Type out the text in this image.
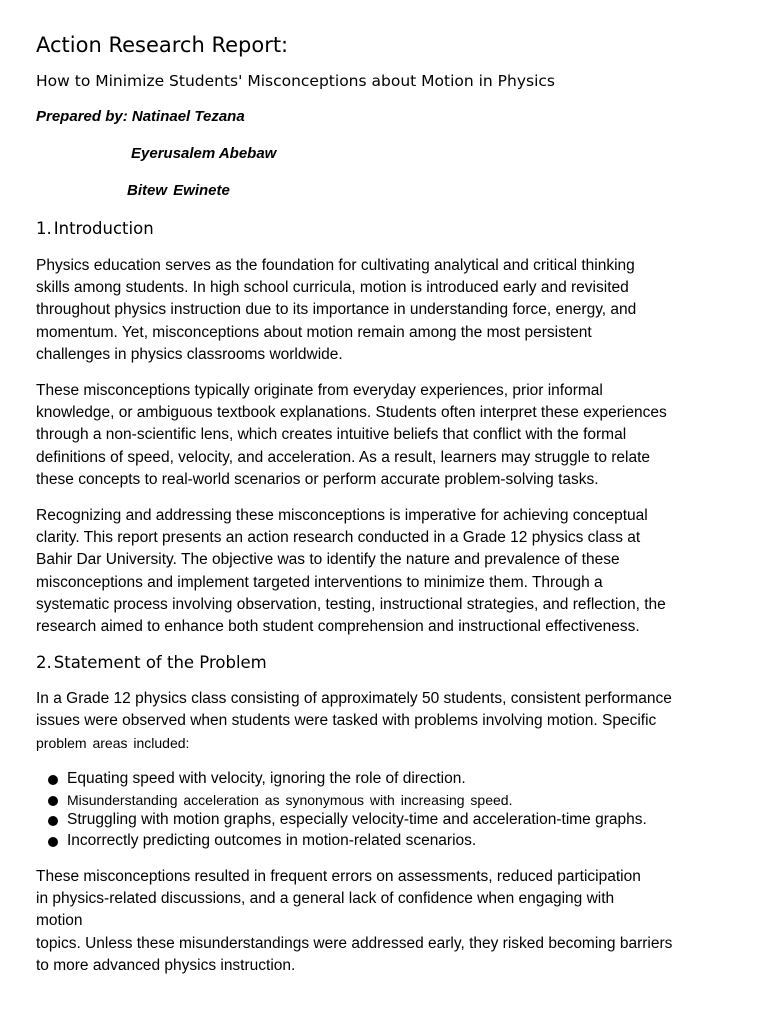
Action Research Report:
How to Minimize Students' Misconceptions about Motion in Physics

Prepared by: Natinael Tezana

Eyerusalem Abebaw

Bitew Ewinete

1. Introduction

Physics education serves as the foundation for cultivating analytical and critical thinking
skills among students. In high school curricula, motion is introduced early and revisited
throughout physics instruction due to its importance in understanding force, energy, and
momentum. Yet, misconceptions about motion remain among the most persistent
challenges in physics classrooms worldwide.

These misconceptions typically originate from everyday experiences, prior informal
knowledge, or ambiguous textbook explanations. Students often interpret these experiences
through a non-scientific lens, which creates intuitive beliefs that conflict with the formal
definitions of speed, velocity, and acceleration. As a result, learners may struggle to relate
these concepts to real-world scenarios or perform accurate problem-solving tasks.

Recognizing and addressing these misconceptions is imperative for achieving conceptual
clarity. This report presents an action research conducted in a Grade 12 physics class at
Bahir Dar University. The objective was to identify the nature and prevalence of these
misconceptions and implement targeted interventions to minimize them. Through a
systematic process involving observation, testing, instructional strategies, and reflection, the
research aimed to enhance both student comprehension and instructional effectiveness.

2. Statement of the Problem

In a Grade 12 physics class consisting of approximately 50 students, consistent performance
issues were observed when students were tasked with problems involving motion. Specific
problem areas included:

Equating speed with velocity, ignoring the role of direction.
Misunderstanding acceleration as synonymous with increasing speed.
Struggling with motion graphs, especially velocity-time and acceleration-time graphs.
Incorrectly predicting outcomes in motion-related scenarios.

These misconceptions resulted in frequent errors on assessments, reduced participation
in physics-related discussions, and a general lack of confidence when engaging with
motion
topics. Unless these misunderstandings were addressed early, they risked becoming barriers
to more advanced physics instruction.
